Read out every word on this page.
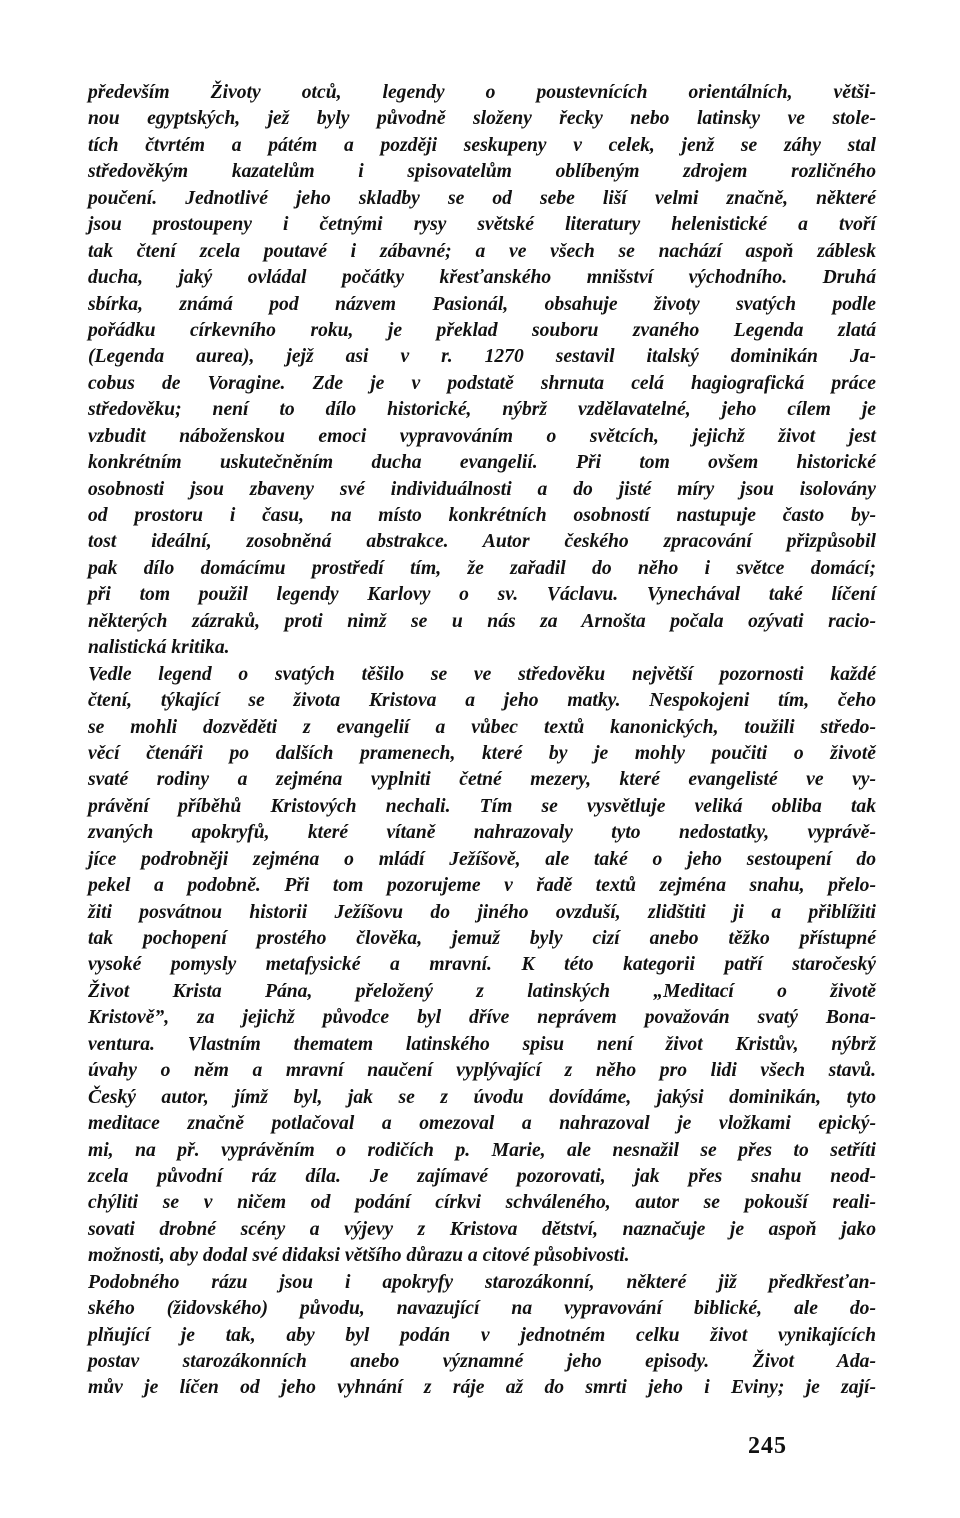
především Životy otců, legendy o poustevnících orientálních, větši-
nou egyptských, jež byly původně složeny řecky nebo latinsky ve stole-
tích čtvrtém a pátém a později seskupeny v celek, jenž se záhy stal
středověkým kazatelům i spisovatelům oblíbeným zdrojem rozličného
poučení. Jednotlivé jeho skladby se od sebe liší velmi značně, některé
jsou prostoupeny i četnými rysy světské literatury helenistické a tvoří
tak čtení zcela poutavé i zábavné; a ve všech se nachází aspoň záblesk
ducha, jaký ovládal počátky křesťanského mnišství východního. Druhá
sbírka, známá pod názvem Pasionál, obsahuje životy svatých podle
pořádku církevního roku, je překlad souboru zvaného Legenda zlatá
(Legenda aurea), jejž asi v r. 1270 sestavil italský dominikán Ja-
cobus de Voragine. Zde je v podstatě shrnuta celá hagiografická práce
středověku; není to dílo historické, nýbrž vzdělavatelné, jeho cílem je
vzbudit náboženskou emoci vypravováním o světcích, jejichž život jest
konkrétním uskutečněním ducha evangelií. Při tom ovšem historické
osobnosti jsou zbaveny své individuálnosti a do jisté míry jsou isolovány
od prostoru i času, na místo konkrétních osobností nastupuje často by-
tost ideální, zosobněná abstrakce. Autor českého zpracování přizpůsobil
pak dílo domácímu prostředí tím, že zařadil do něho i světce domácí;
při tom použil legendy Karlovy o sv. Václavu. Vynechával také líčení
některých zázraků, proti nimž se u nás za Arnošta počala ozývati racio-
nalistická kritika.
Vedle legend o svatých těšilo se ve středověku největší pozornosti každé
čtení, týkající se života Kristova a jeho matky. Nespokojeni tím, čeho
se mohli dozvěděti z evangelií a vůbec textů kanonických, toužili středo-
věcí čtenáři po dalších pramenech, které by je mohly poučiti o životě
svaté rodiny a zejména vyplniti četné mezery, které evangelisté ve vy-
právění příběhů Kristových nechali. Tím se vysvětluje veliká obliba tak
zvaných apokryfů, které vítaně nahrazovaly tyto nedostatky, vyprávě-
jíce podrobněji zejména o mládí Ježíšově, ale také o jeho sestoupení do
pekel a podobně. Při tom pozorujeme v řadě textů zejména snahu, přelo-
žiti posvátnou historii Ježíšovu do jiného ovzduší, zlidštiti ji a přiblížiti
tak pochopení prostého člověka, jemuž byly cizí anebo těžko přístupné
vysoké pomysly metafysické a mravní. K této kategorii patří staročeský
Život Krista Pána, přeložený z latinských „Meditací o životě
Kristově”, za jejichž původce byl dříve neprávem považován svatý Bona-
ventura. Vlastním thematem latinského spisu není život Kristův, nýbrž
úvahy o něm a mravní naučení vyplývající z něho pro lidi všech stavů.
Český autor, jímž byl, jak se z úvodu dovídáme, jakýsi dominikán, tyto
meditace značně potlačoval a omezoval a nahrazoval je vložkami epický-
mi, na př. vyprávěním o rodičích p. Marie, ale nesnažil se přes to setříti
zcela původní ráz díla. Je zajímavé pozorovati, jak přes snahu neod-
chýliti se v ničem od podání církvi schváleného, autor se pokouší reali-
sovati drobné scény a výjevy z Kristova dětství, naznačuje je aspoň jako
možnosti, aby dodal své didaksi většího důrazu a citové působivosti.
Podobného rázu jsou i apokryfy starozákonní, některé již předkřesťan-
ského (židovského) původu, navazující na vypravování biblické, ale do-
plňující je tak, aby byl podán v jednotném celku život vynikajících
postav starozákonních anebo významné jeho episody. Život Ada-
mův je líčen od jeho vyhnání z ráje až do smrti jeho i Eviny; je zají-
245
